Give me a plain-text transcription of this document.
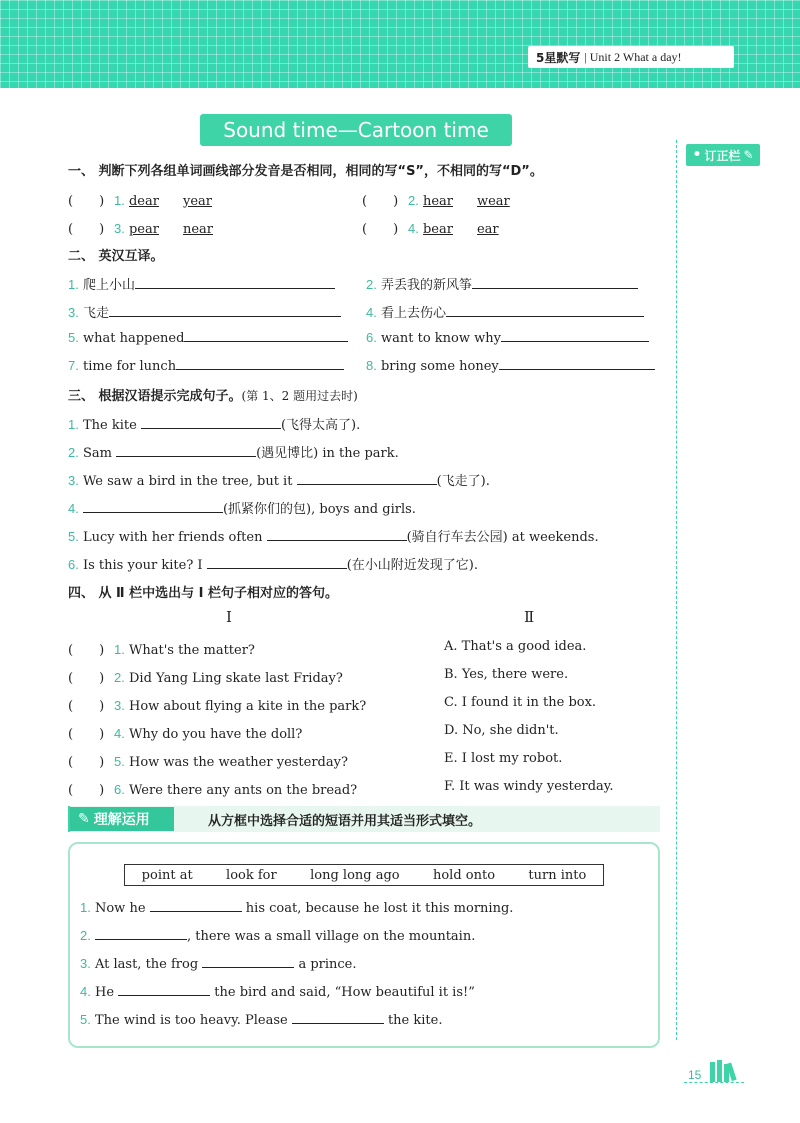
5星默写 | Unit 2 What a day!
Sound time—Cartoon time
• 订正栏 ✎
一、 判断下列各组单词画线部分发音是否相同，相同的写“S”，不相同的写“D”。
(　　) 1. dear year	(　　) 2. hear wear
(　　) 3. pear near	(　　) 4. bear ear
二、 英汉互译。
1. 爬上小山	2. 弄丢我的新风筝
3. 飞走	4. 看上去伤心
5. what happened	6. want to know why
7. time for lunch	8. bring some honey
三、 根据汉语提示完成句子。(第 1、2 题用过去时)
1. The kite	(飞得太高了).
2. Sam	(遇见博比) in the park.
3. We saw a bird in the tree, but it	(飞走了).
4.	(抓紧你们的包), boys and girls.
5. Lucy with her friends often	(骑自行车去公园) at weekends.
6. Is this your kite? I	(在小山附近发现了它).
四、 从 Ⅱ 栏中选出与 Ⅰ 栏句子相对应的答句。
Ⅰ	Ⅱ
(　　) 1. What's the matter?
(　　) 2. Did Yang Ling skate last Friday?
(　　) 3. How about flying a kite in the park?
(　　) 4. Why do you have the doll?
(　　) 5. How was the weather yesterday?
(　　) 6. Were there any ants on the bread?
A. That's a good idea.
B. Yes, there were.
C. I found it in the box.
D. No, she didn't.
E. I lost my robot.
F. It was windy yesterday.
✎ 理解运用	从方框中选择合适的短语并用其适当形式填空。
point at	look for	long long ago	hold onto	turn into
1. Now he	his coat, because he lost it this morning.
2.	, there was a small village on the mountain.
3. At last, the frog	a prince.
4. He	the bird and said, “How beautiful it is!”
5. The wind is too heavy. Please	the kite.
15
